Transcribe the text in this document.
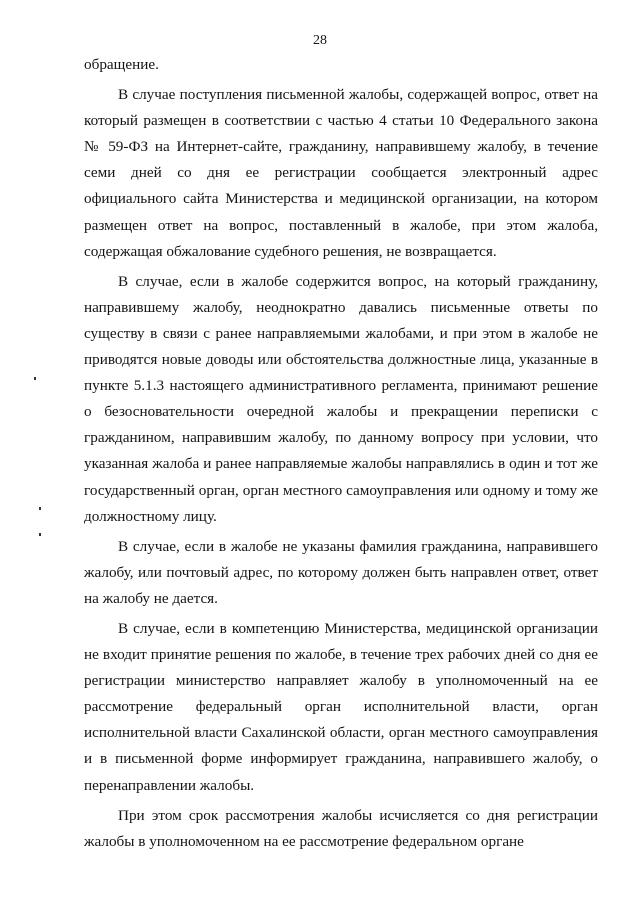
28

обращение.

В случае поступления письменной жалобы, содержащей вопрос, ответ на который размещен в соответствии с частью 4 статьи 10 Федерального закона № 59-ФЗ на Интернет-сайте, гражданину, направившему жалобу, в течение семи дней со дня ее регистрации сообщается электронный адрес официального сайта Министерства и медицинской организации, на котором размещен ответ на вопрос, поставленный в жалобе, при этом жалоба, содержащая обжалование судебного решения, не возвращается.

В случае, если в жалобе содержится вопрос, на который гражданину, направившему жалобу, неоднократно давались письменные ответы по существу в связи с ранее направляемыми жалобами, и при этом в жалобе не приводятся новые доводы или обстоятельства должностные лица, указанные в пункте 5.1.3 настоящего административного регламента, принимают решение о безосновательности очередной жалобы и прекращении переписки с гражданином, направившим жалобу, по данному вопросу при условии, что указанная жалоба и ранее направляемые жалобы направлялись в один и тот же государственный орган, орган местного самоуправления или одному и тому же должностному лицу.

В случае, если в жалобе не указаны фамилия гражданина, направившего жалобу, или почтовый адрес, по которому должен быть направлен ответ, ответ на жалобу не дается.

В случае, если в компетенцию Министерства, медицинской организации не входит принятие решения по жалобе, в течение трех рабочих дней со дня ее регистрации министерство направляет жалобу в уполномоченный на ее рассмотрение федеральный орган исполнительной власти, орган исполнительной власти Сахалинской области, орган местного самоуправления и в письменной форме информирует гражданина, направившего жалобу, о перенаправлении жалобы.

При этом срок рассмотрения жалобы исчисляется со дня регистрации жалобы в уполномоченном на ее рассмотрение федеральном органе
